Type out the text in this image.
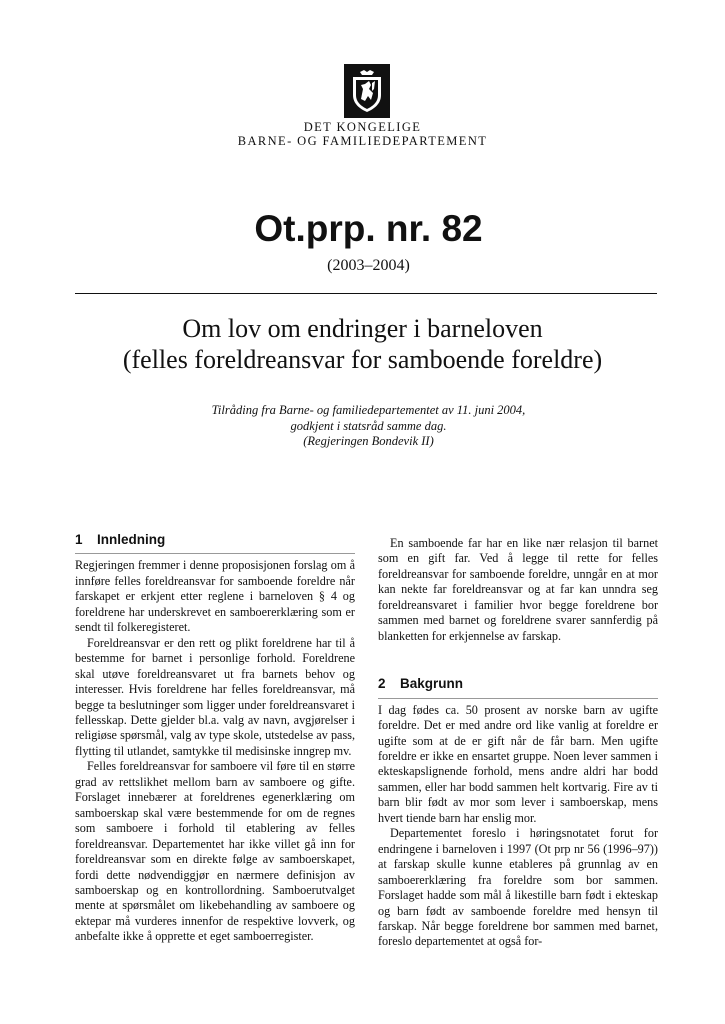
DET KONGELIGE
BARNE- OG FAMILIEDEPARTEMENT
Ot.prp. nr. 82
(2003–2004)
Om lov om endringer i barneloven
(felles foreldreansvar for samboende foreldre)
Tilråding fra Barne- og familiedepartementet av 11. juni 2004,
godkjent i statsråd samme dag.
(Regjeringen Bondevik II)
1 Innledning

Regjeringen fremmer i denne proposisjonen forslag om å innføre felles foreldreansvar for samboende foreldre når farskapet er erkjent etter reglene i barneloven § 4 og foreldrene har underskrevet en samboererklæring som er sendt til folkeregisteret.

Foreldreansvar er den rett og plikt foreldrene har til å bestemme for barnet i personlige forhold. Foreldrene skal utøve foreldreansvaret ut fra barnets behov og interesser. Hvis foreldrene har felles foreldreansvar, må begge ta beslutninger som ligger under foreldreansvaret i fellesskap. Dette gjelder bl.a. valg av navn, avgjørelser i religiøse spørsmål, valg av type skole, utstedelse av pass, flytting til utlandet, samtykke til medisinske inngrep mv.

Felles foreldreansvar for samboere vil føre til en større grad av rettslikhet mellom barn av samboere og gifte. Forslaget innebærer at foreldrenes egenerklæring om samboerskap skal være bestemmende for om de regnes som samboere i forhold til etablering av felles foreldreansvar. Departementet har ikke villet gå inn for foreldreansvar som en direkte følge av samboerskapet, fordi dette nødvendiggjør en nærmere definisjon av samboerskap og en kontrollordning. Samboerutvalget mente at spørsmålet om likebehandling av samboere og ektepar må vurderes innenfor de respektive lovverk, og anbefalte ikke å opprette et eget samboerregister.

En samboende far har en like nær relasjon til barnet som en gift far. Ved å legge til rette for felles foreldreansvar for samboende foreldre, unngår en at mor kan nekte far foreldreansvar og at far kan unndra seg foreldreansvaret i familier hvor begge foreldrene bor sammen med barnet og foreldrene svarer sannferdig på blanketten for erkjennelse av farskap.

2 Bakgrunn

I dag fødes ca. 50 prosent av norske barn av ugifte foreldre. Det er med andre ord like vanlig at foreldre er ugifte som at de er gift når de får barn. Men ugifte foreldre er ikke en ensartet gruppe. Noen lever sammen i ekteskapslignende forhold, mens andre aldri har bodd sammen, eller har bodd sammen helt kortvarig. Fire av ti barn blir født av mor som lever i samboerskap, mens hvert tiende barn har enslig mor.

Departementet foreslo i høringsnotatet forut for endringene i barneloven i 1997 (Ot prp nr 56 (1996–97)) at farskap skulle kunne etableres på grunnlag av en samboererklæring fra foreldre som bor sammen. Forslaget hadde som mål å likestille barn født i ekteskap og barn født av samboende foreldre med hensyn til farskap. Når begge foreldrene bor sammen med barnet, foreslo departementet at også for-
